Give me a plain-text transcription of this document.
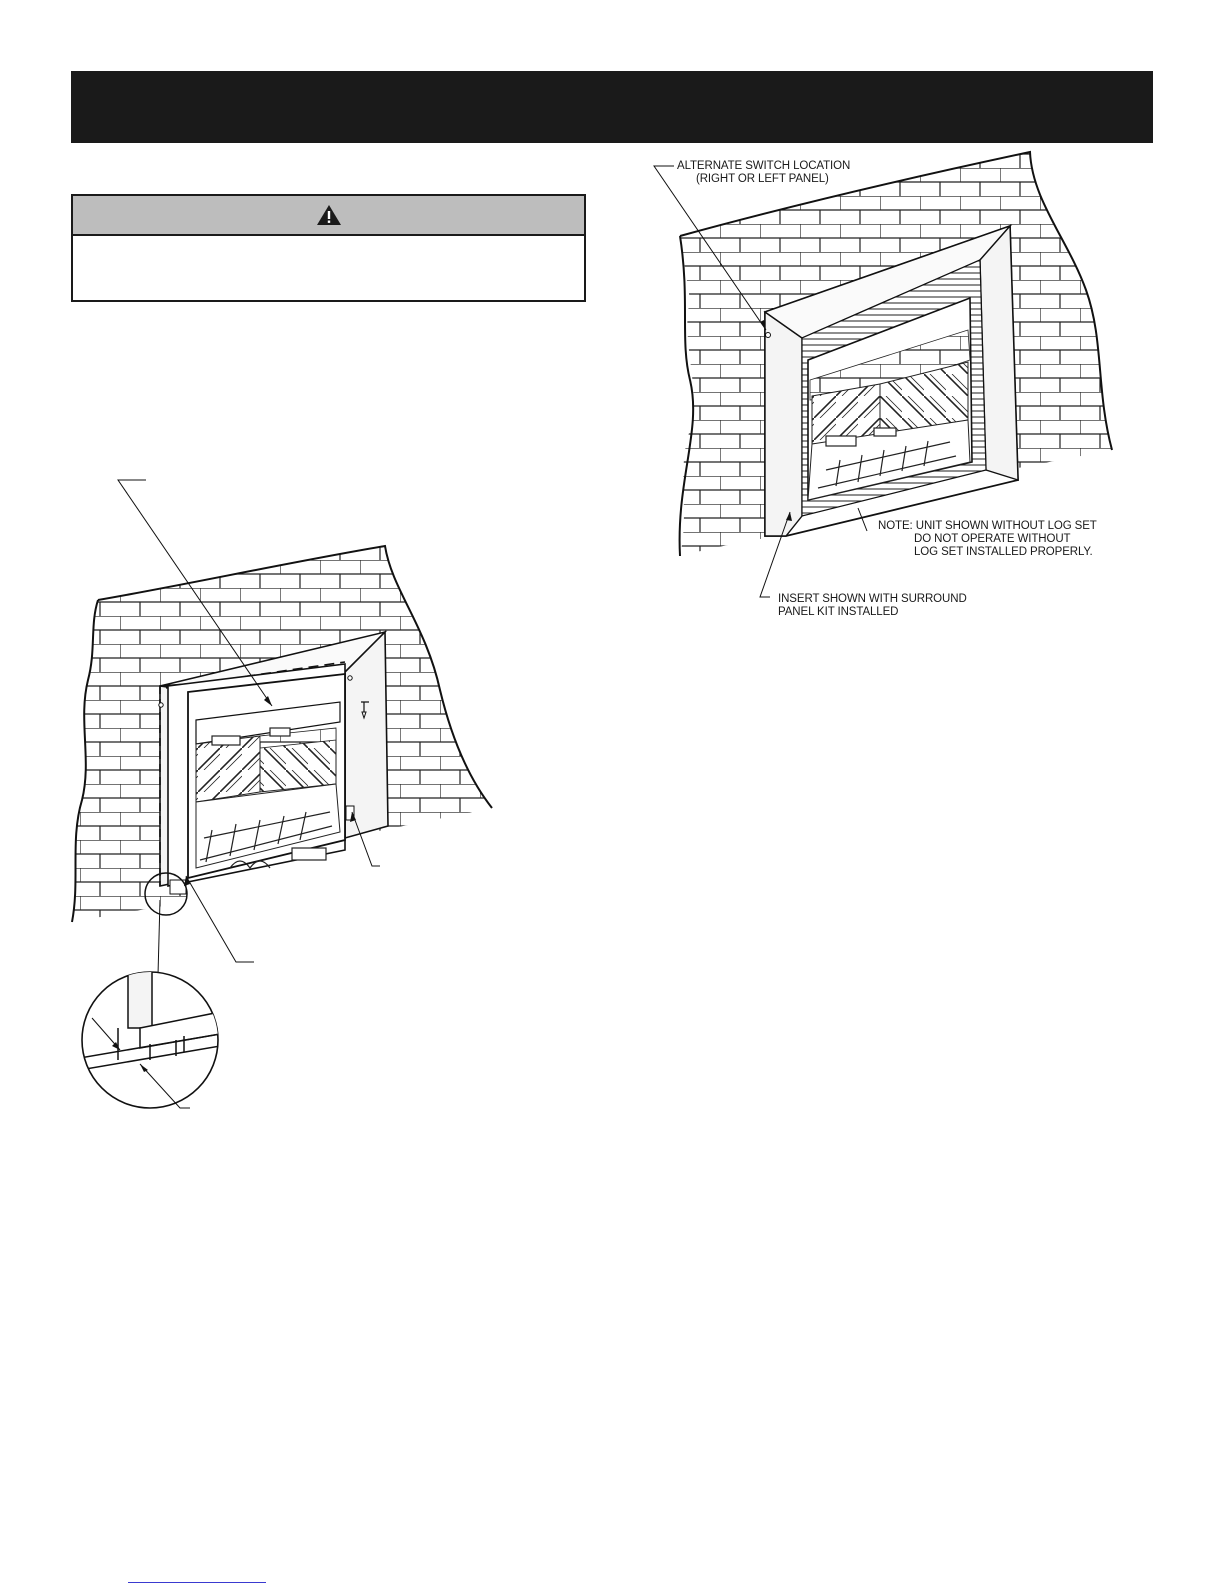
ALTERNATE SWITCH LOCATION
(RIGHT OR LEFT PANEL)
NOTE: UNIT SHOWN WITHOUT LOG SET
DO NOT OPERATE WITHOUT
LOG SET INSTALLED PROPERLY.
INSERT SHOWN WITH SURROUND
PANEL KIT INSTALLED
